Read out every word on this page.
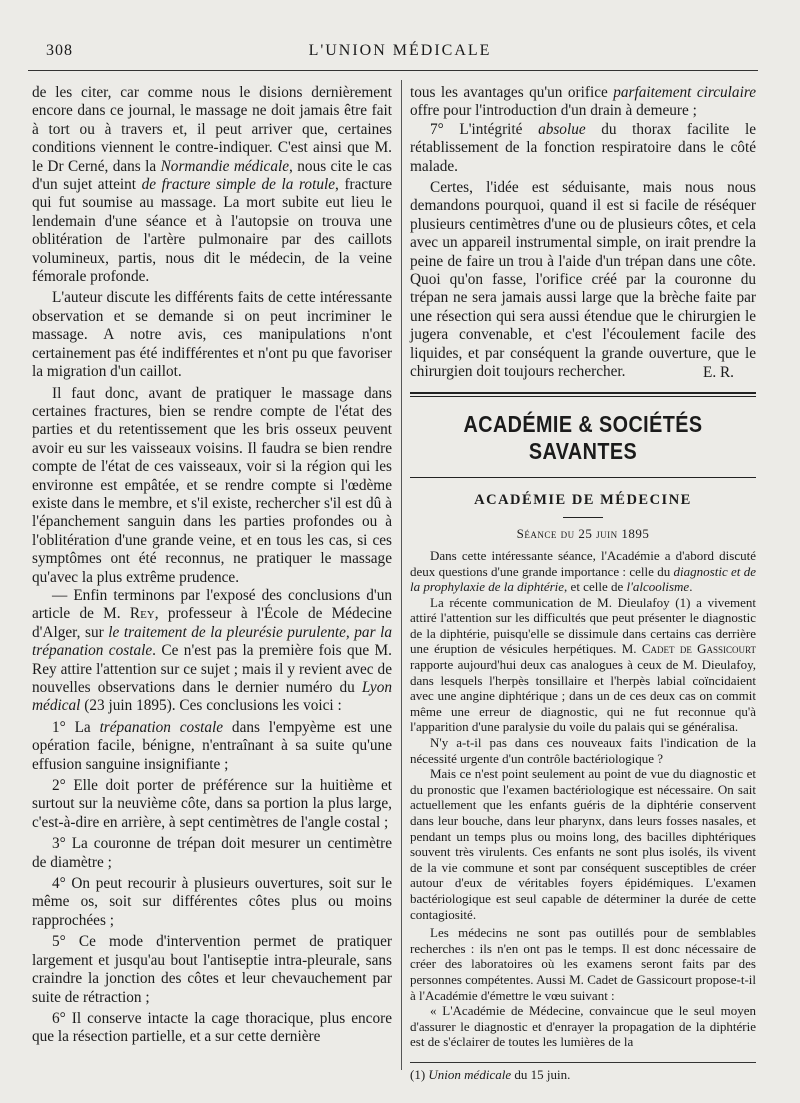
308	L'UNION MÉDICALE

de les citer, car comme nous le disions dernièrement encore dans ce journal, le massage ne doit jamais être fait à tort ou à travers et, il peut arriver que, certaines conditions viennent le contre-indiquer. C'est ainsi que M. le Dr Cerné, dans la Normandie médicale, nous cite le cas d'un sujet atteint de fracture simple de la rotule, fracture qui fut soumise au massage. La mort subite eut lieu le lendemain d'une séance et à l'autopsie on trouva une oblitération de l'artère pulmonaire par des caillots volumineux, partis, nous dit le médecin, de la veine fémorale profonde.

L'auteur discute les différents faits de cette intéressante observation et se demande si on peut incriminer le massage. A notre avis, ces manipulations n'ont certainement pas été indifférentes et n'ont pu que favoriser la migration d'un caillot.

Il faut donc, avant de pratiquer le massage dans certaines fractures, bien se rendre compte de l'état des parties et du retentissement que les bris osseux peuvent avoir eu sur les vaisseaux voisins. Il faudra se bien rendre compte de l'état de ces vaisseaux, voir si la région qui les environne est empâtée, et se rendre compte si l'œdème existe dans le membre, et s'il existe, rechercher s'il est dû à l'épanchement sanguin dans les parties profondes ou à l'oblitération d'une grande veine, et en tous les cas, si ces symptômes ont été reconnus, ne pratiquer le massage qu'avec la plus extrême prudence.

— Enfin terminons par l'exposé des conclusions d'un article de M. Rey, professeur à l'École de Médecine d'Alger, sur le traitement de la pleurésie purulente, par la trépanation costale. Ce n'est pas la première fois que M. Rey attire l'attention sur ce sujet ; mais il y revient avec de nouvelles observations dans le dernier numéro du Lyon médical (23 juin 1895). Ces conclusions les voici :

1° La trépanation costale dans l'empyème est une opération facile, bénigne, n'entraînant à sa suite qu'une effusion sanguine insignifiante ;

2° Elle doit porter de préférence sur la huitième et surtout sur la neuvième côte, dans sa portion la plus large, c'est-à-dire en arrière, à sept centimètres de l'angle costal ;

3° La couronne de trépan doit mesurer un centimètre de diamètre ;

4° On peut recourir à plusieurs ouvertures, soit sur le même os, soit sur différentes côtes plus ou moins rapprochées ;

5° Ce mode d'intervention permet de pratiquer largement et jusqu'au bout l'antiseptie intra-pleurale, sans craindre la jonction des côtes et leur chevauchement par suite de rétraction ;

6° Il conserve intacte la cage thoracique, plus encore que la résection partielle, et a sur cette dernière

tous les avantages qu'un orifice parfaitement circulaire offre pour l'introduction d'un drain à demeure ;

7° L'intégrité absolue du thorax facilite le rétablissement de la fonction respiratoire dans le côté malade.

Certes, l'idée est séduisante, mais nous nous demandons pourquoi, quand il est si facile de réséquer plusieurs centimètres d'une ou de plusieurs côtes, et cela avec un appareil instrumental simple, on irait prendre la peine de faire un trou à l'aide d'un trépan dans une côte. Quoi qu'on fasse, l'orifice créé par la couronne du trépan ne sera jamais aussi large que la brèche faite par une résection qui sera aussi étendue que le chirurgien le jugera convenable, et c'est l'écoulement facile des liquides, et par conséquent la grande ouverture, que le chirurgien doit toujours rechercher.	E. R.

ACADÉMIE & SOCIÉTÉS SAVANTES
ACADÉMIE DE MÉDECINE
Séance du 25 juin 1895

Dans cette intéressante séance, l'Académie a d'abord discuté deux questions d'une grande importance : celle du diagnostic et de la prophylaxie de la diphtérie, et celle de l'alcoolisme.

La récente communication de M. Dieulafoy (1) a vivement attiré l'attention sur les difficultés que peut présenter le diagnostic de la diphtérie, puisqu'elle se dissimule dans certains cas derrière une éruption de vésicules herpétiques. M. Cadet de Gassicourt rapporte aujourd'hui deux cas analogues à ceux de M. Dieulafoy, dans lesquels l'herpès tonsillaire et l'herpès labial coïncidaient avec une angine diphtérique ; dans un de ces deux cas on commit même une erreur de diagnostic, qui ne fut reconnue qu'à l'apparition d'une paralysie du voile du palais qui se généralisa.

N'y a-t-il pas dans ces nouveaux faits l'indication de la nécessité urgente d'un contrôle bactériologique ?

Mais ce n'est point seulement au point de vue du diagnostic et du pronostic que l'examen bactériologique est nécessaire. On sait actuellement que les enfants guéris de la diphtérie conservent dans leur bouche, dans leur pharynx, dans leurs fosses nasales, et pendant un temps plus ou moins long, des bacilles diphtériques souvent très virulents. Ces enfants ne sont plus isolés, ils vivent de la vie commune et sont par conséquent susceptibles de créer autour d'eux de véritables foyers épidémiques. L'examen bactériologique est seul capable de déterminer la durée de cette contagiosité.

Les médecins ne sont pas outillés pour de semblables recherches : ils n'en ont pas le temps. Il est donc nécessaire de créer des laboratoires où les examens seront faits par des personnes compétentes. Aussi M. Cadet de Gassicourt propose-t-il à l'Académie d'émettre le vœu suivant :

« L'Académie de Médecine, convaincue que le seul moyen d'assurer le diagnostic et d'enrayer la propagation de la diphtérie est de s'éclairer de toutes les lumières de la

(1) Union médicale du 15 juin.
